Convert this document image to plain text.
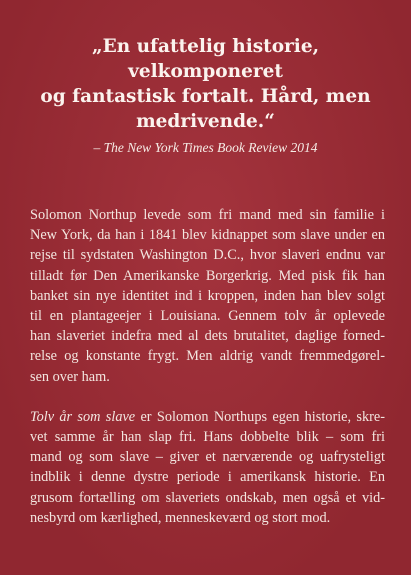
„En ufattelig historie, velkomponeret
og fantastisk fortalt. Hård, men
medrivende.“
– The New York Times Book Review 2014

Solomon Northup levede som fri mand med sin familie i
New York, da han i 1841 blev kidnappet som slave under en
rejse til sydstaten Washington D.C., hvor slaveri endnu var
tilladt før Den Amerikanske Borgerkrig. Med pisk fik han
banket sin nye identitet ind i kroppen, inden han blev solgt
til en plantageejer i Louisiana. Gennem tolv år oplevede
han slaveriet indefra med al dets brutalitet, daglige forned-
relse og konstante frygt. Men aldrig vandt fremmedgørel-
sen over ham.

Tolv år som slave er Solomon Northups egen historie, skre-
vet samme år han slap fri. Hans dobbelte blik – som fri
mand og som slave – giver et nærværende og uafrysteligt
indblik i denne dystre periode i amerikansk historie. En
grusom fortælling om slaveriets ondskab, men også et vid-
nesbyrd om kærlighed, menneskeværd og stort mod.
